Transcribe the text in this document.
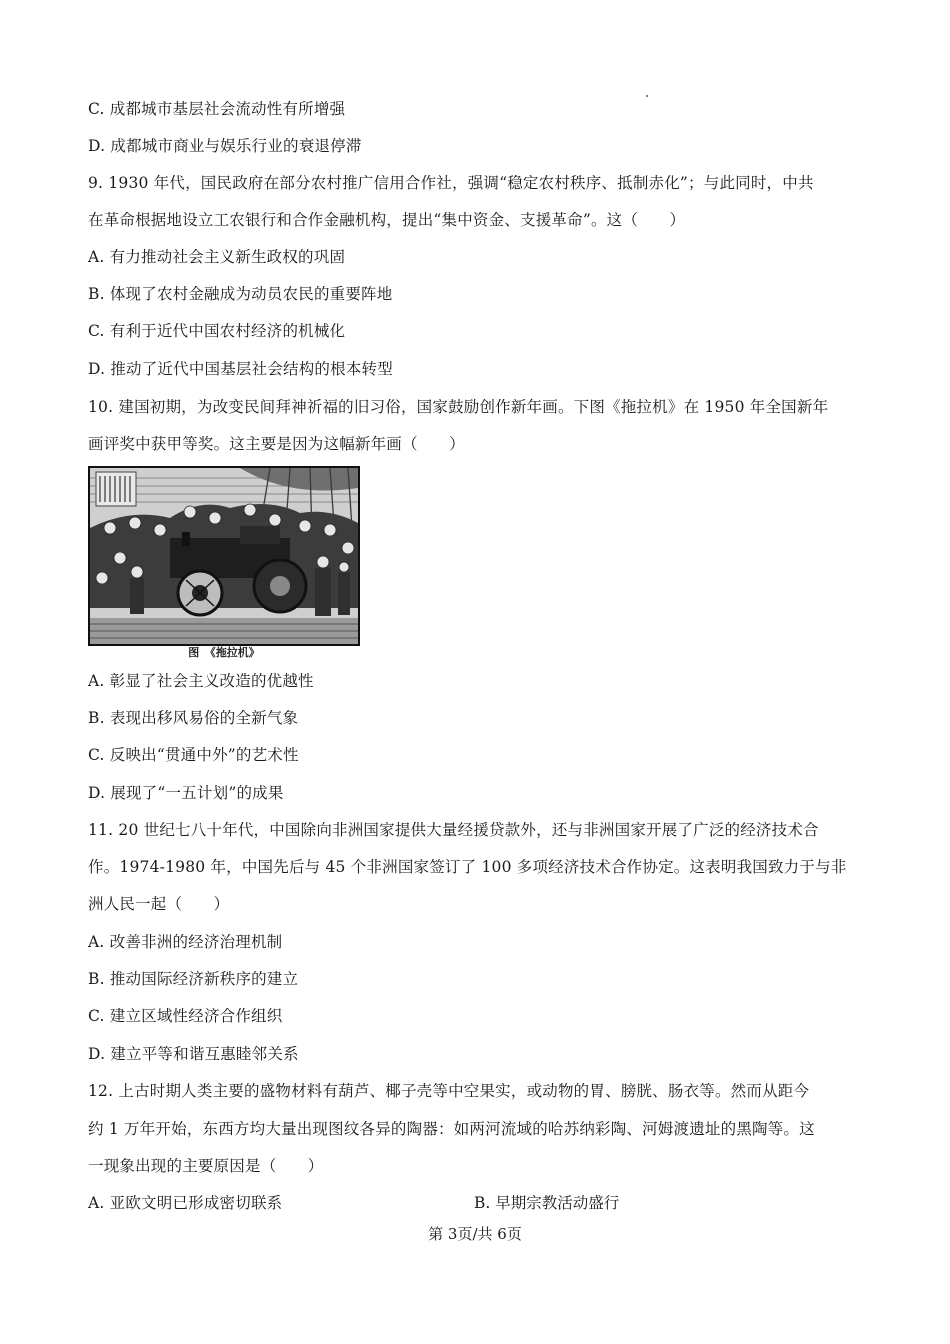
C. 成都城市基层社会流动性有所增强
D. 成都城市商业与娱乐行业的衰退停滞
9. 1930 年代，国民政府在部分农村推广信用合作社，强调“稳定农村秩序、抵制赤化”；与此同时，中共
在革命根据地设立工农银行和合作金融机构，提出“集中资金、支援革命”。这（　　）
A. 有力推动社会主义新生政权的巩固
B. 体现了农村金融成为动员农民的重要阵地
C. 有利于近代中国农村经济的机械化
D. 推动了近代中国基层社会结构的根本转型
10. 建国初期，为改变民间拜神祈福的旧习俗，国家鼓励创作新年画。下图《拖拉机》在 1950 年全国新年
画评奖中获甲等奖。这主要是因为这幅新年画（　　）
图　《拖拉机》
A. 彰显了社会主义改造的优越性
B. 表现出移风易俗的全新气象
C. 反映出“贯通中外”的艺术性
D. 展现了“一五计划”的成果
11. 20 世纪七八十年代，中国除向非洲国家提供大量经援贷款外，还与非洲国家开展了广泛的经济技术合
作。1974-1980 年，中国先后与 45 个非洲国家签订了 100 多项经济技术合作协定。这表明我国致力于与非
洲人民一起（　　）
A. 改善非洲的经济治理机制
B. 推动国际经济新秩序的建立
C. 建立区域性经济合作组织
D. 建立平等和谐互惠睦邻关系
12. 上古时期人类主要的盛物材料有葫芦、椰子壳等中空果实，或动物的胃、膀胱、肠衣等。然而从距今
约 1 万年开始，东西方均大量出现图纹各异的陶器：如两河流域的哈苏纳彩陶、河姆渡遗址的黑陶等。这
一现象出现的主要原因是（　　）
A. 亚欧文明已形成密切联系	B. 早期宗教活动盛行
第 3页/共 6页
